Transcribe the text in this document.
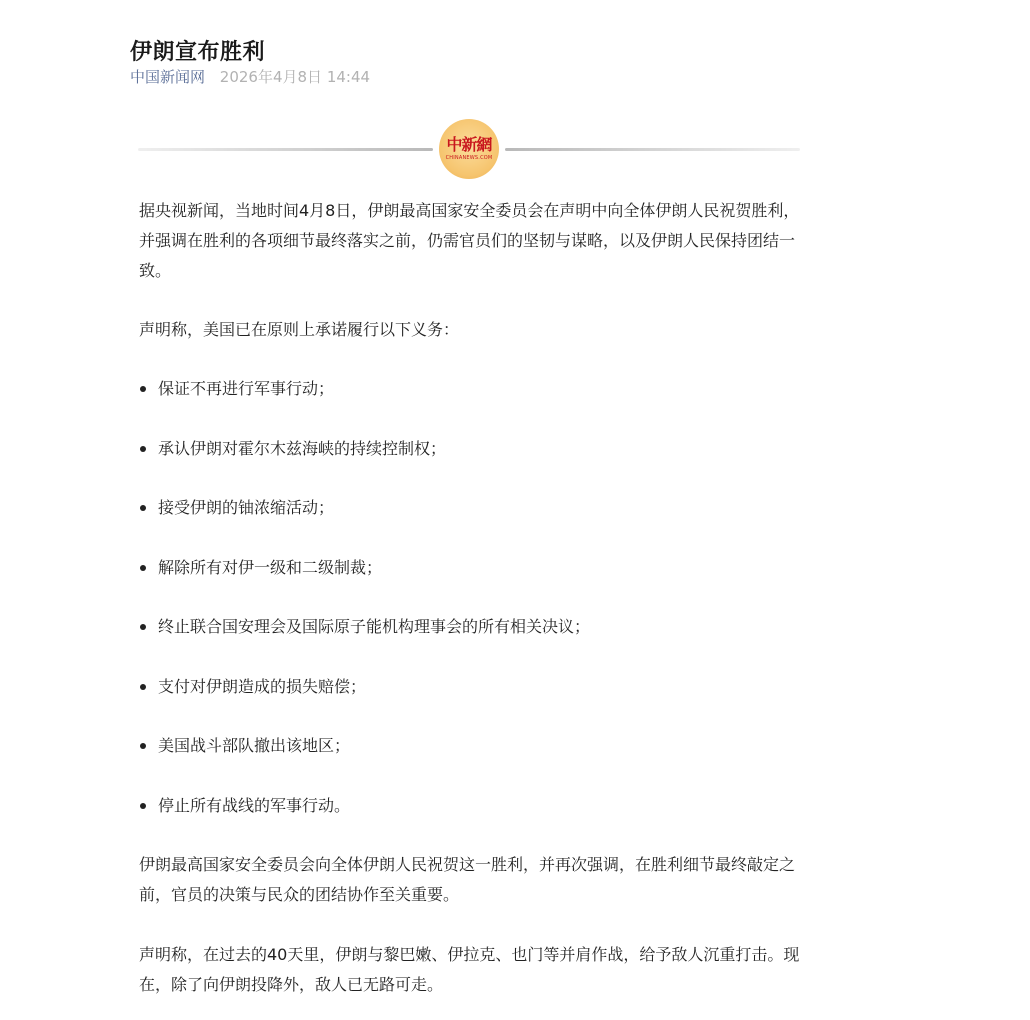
伊朗宣布胜利
中国新闻网 2026年4月8日 14:44
中新網
CHINANEWS.COM

据央视新闻，当地时间4月8日，伊朗最高国家安全委员会在声明中向全体伊朗人民祝贺胜利，并强调在胜利的各项细节最终落实之前，仍需官员们的坚韧与谋略，以及伊朗人民保持团结一致。

声明称，美国已在原则上承诺履行以下义务：

保证不再进行军事行动；

承认伊朗对霍尔木兹海峡的持续控制权；

接受伊朗的铀浓缩活动；

解除所有对伊一级和二级制裁；

终止联合国安理会及国际原子能机构理事会的所有相关决议；

支付对伊朗造成的损失赔偿；

美国战斗部队撤出该地区；

停止所有战线的军事行动。

伊朗最高国家安全委员会向全体伊朗人民祝贺这一胜利，并再次强调，在胜利细节最终敲定之前，官员的决策与民众的团结协作至关重要。

声明称，在过去的40天里，伊朗与黎巴嫩、伊拉克、也门等并肩作战，给予敌人沉重打击。现在，除了向伊朗投降外，敌人已无路可走。
